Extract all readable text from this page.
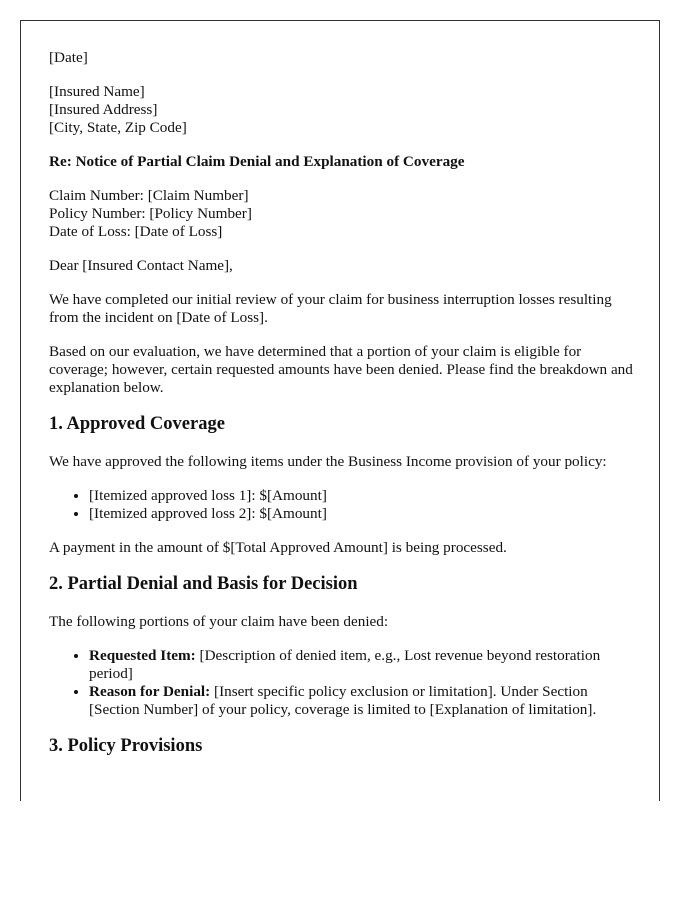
[Date]

[Insured Name]
[Insured Address]
[City, State, Zip Code]

Re: Notice of Partial Claim Denial and Explanation of Coverage

Claim Number: [Claim Number]
Policy Number: [Policy Number]
Date of Loss: [Date of Loss]

Dear [Insured Contact Name],

We have completed our initial review of your claim for business interruption losses resulting from the incident on [Date of Loss].

Based on our evaluation, we have determined that a portion of your claim is eligible for coverage; however, certain requested amounts have been denied. Please find the breakdown and explanation below.

1. Approved Coverage

We have approved the following items under the Business Income provision of your policy:

• [Itemized approved loss 1]: $[Amount]
• [Itemized approved loss 2]: $[Amount]

A payment in the amount of $[Total Approved Amount] is being processed.

2. Partial Denial and Basis for Decision

The following portions of your claim have been denied:

• Requested Item: [Description of denied item, e.g., Lost revenue beyond restoration period]
• Reason for Denial: [Insert specific policy exclusion or limitation]. Under Section [Section Number] of your policy, coverage is limited to [Explanation of limitation].
3. Policy Provisions
